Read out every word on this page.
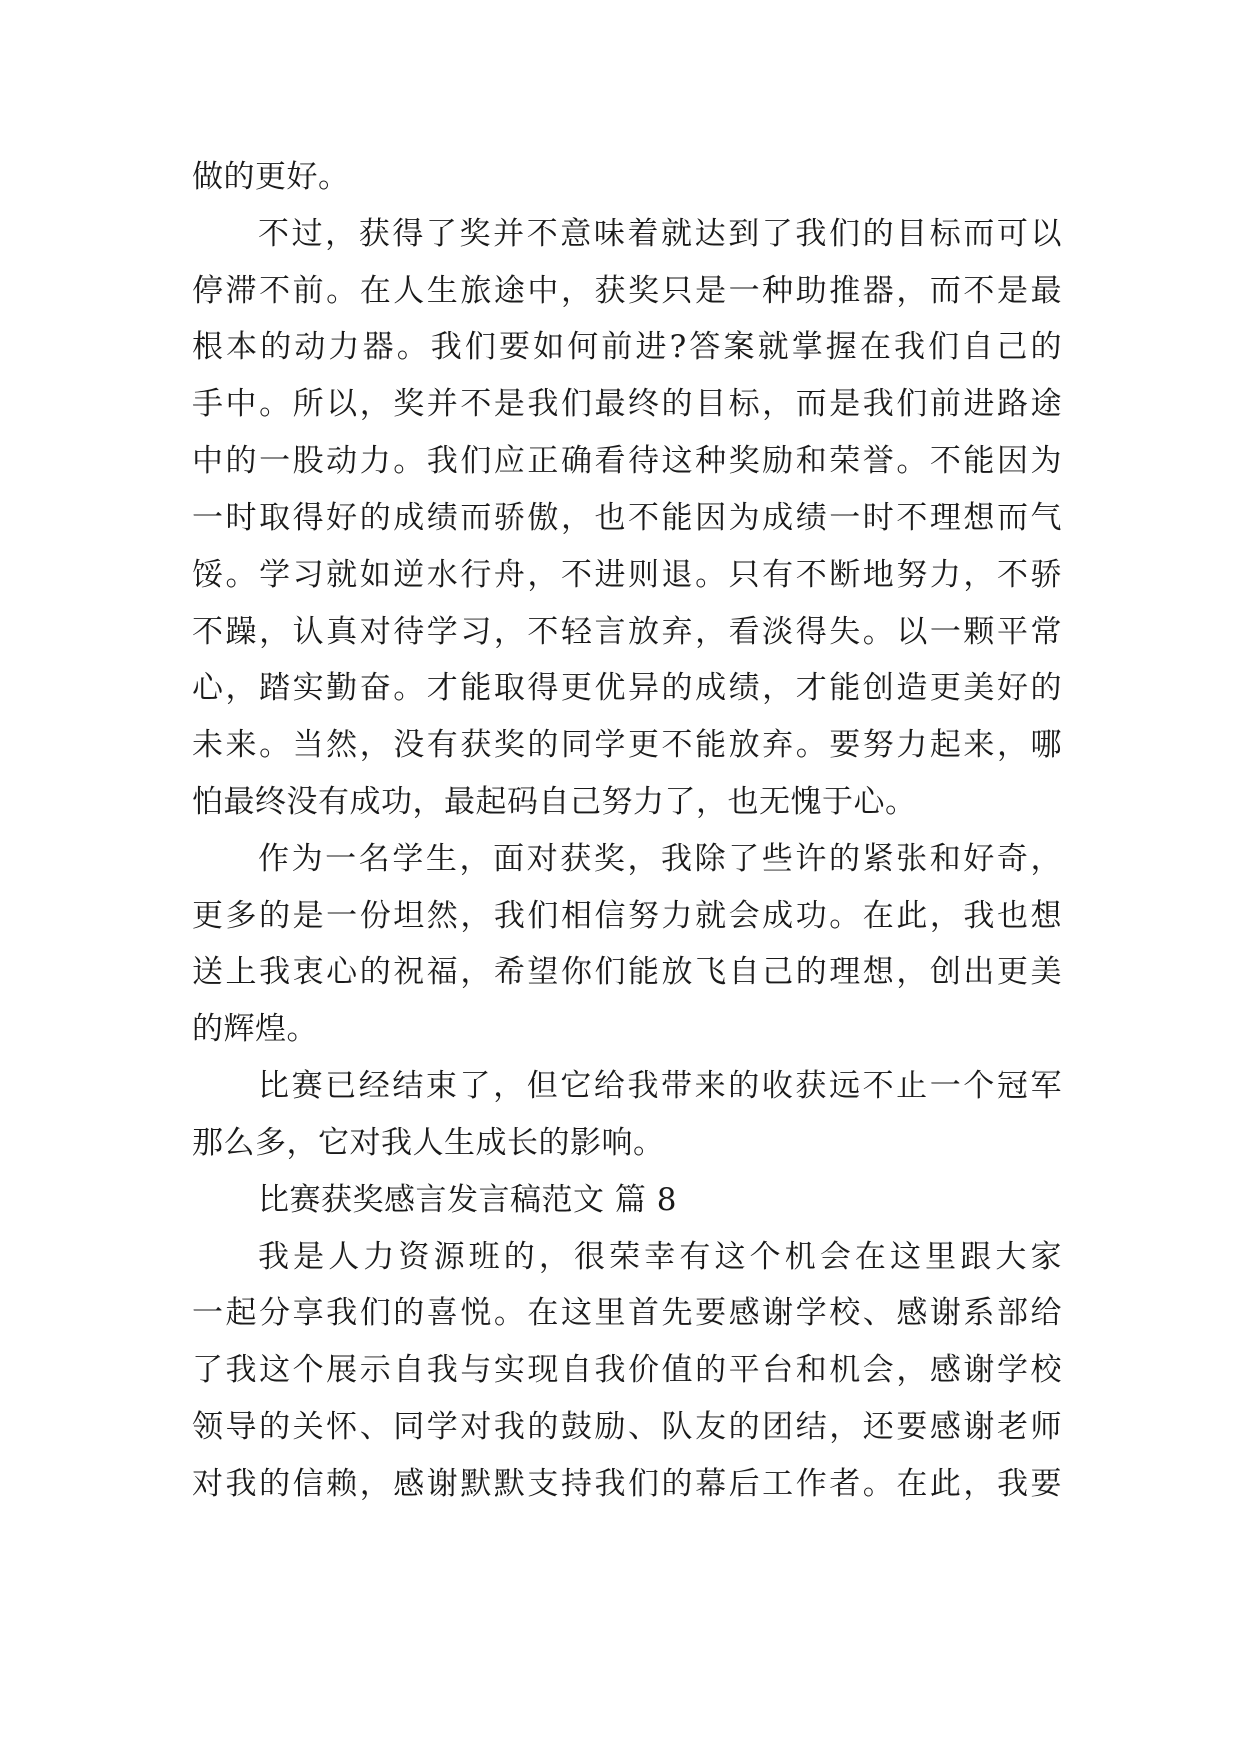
做的更好。
不过，获得了奖并不意味着就达到了我们的目标而可以
停滞不前。在人生旅途中，获奖只是一种助推器，而不是最
根本的动力器。我们要如何前进?答案就掌握在我们自己的
手中。所以，奖并不是我们最终的目标，而是我们前进路途
中的一股动力。我们应正确看待这种奖励和荣誉。不能因为
一时取得好的成绩而骄傲，也不能因为成绩一时不理想而气
馁。学习就如逆水行舟，不进则退。只有不断地努力，不骄
不躁，认真对待学习，不轻言放弃，看淡得失。以一颗平常
心，踏实勤奋。才能取得更优异的成绩，才能创造更美好的
未来。当然，没有获奖的同学更不能放弃。要努力起来，哪
怕最终没有成功，最起码自己努力了，也无愧于心。
作为一名学生，面对获奖，我除了些许的紧张和好奇，
更多的是一份坦然，我们相信努力就会成功。在此，我也想
送上我衷心的祝福，希望你们能放飞自己的理想，创出更美
的辉煌。
比赛已经结束了，但它给我带来的收获远不止一个冠军
那么多，它对我人生成长的影响。
比赛获奖感言发言稿范文 篇 8
我是人力资源班的，很荣幸有这个机会在这里跟大家
一起分享我们的喜悦。在这里首先要感谢学校、感谢系部给
了我这个展示自我与实现自我价值的平台和机会，感谢学校
领导的关怀、同学对我的鼓励、队友的团结，还要感谢老师
对我的信赖，感谢默默支持我们的幕后工作者。在此，我要
